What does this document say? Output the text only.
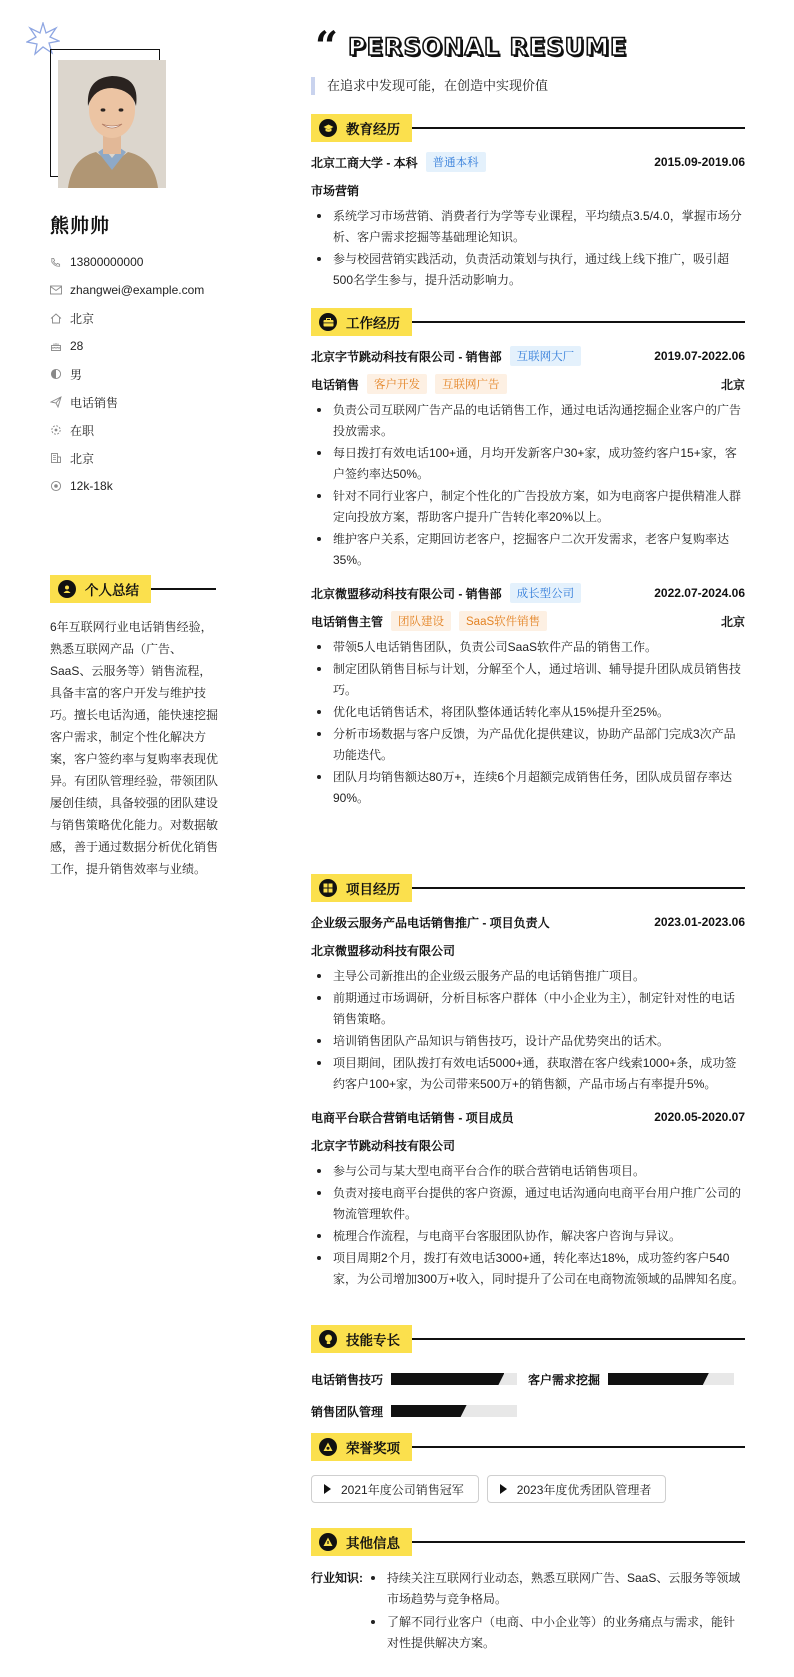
熊帅帅
13800000000
zhangwei@example.com
北京
28
男
电话销售
在职
北京
12k-18k
个人总结
6年互联网行业电话销售经验，熟悉互联网产品（广告、SaaS、云服务等）销售流程，具备丰富的客户开发与维护技巧。擅长电话沟通，能快速挖掘客户需求，制定个性化解决方案，客户签约率与复购率表现优异。有团队管理经验，带领团队屡创佳绩，具备较强的团队建设与销售策略优化能力。对数据敏感，善于通过数据分析优化销售工作，提升销售效率与业绩。
“ PERSONAL RESUME
在追求中发现可能，在创造中实现价值
教育经历
北京工商大学 - 本科	普通本科	2015.09-2019.06
市场营销
系统学习市场营销、消费者行为学等专业课程，平均绩点3.5/4.0，掌握市场分析、客户需求挖掘等基础理论知识。
参与校园营销实践活动，负责活动策划与执行，通过线上线下推广，吸引超500名学生参与，提升活动影响力。
工作经历
北京字节跳动科技有限公司 - 销售部	互联网大厂	2019.07-2022.06
电话销售	客户开发	互联网广告	北京
负责公司互联网广告产品的电话销售工作，通过电话沟通挖掘企业客户的广告投放需求。
每日拨打有效电话100+通，月均开发新客户30+家，成功签约客户15+家，客户签约率达50%。
针对不同行业客户，制定个性化的广告投放方案，如为电商客户提供精准人群定向投放方案，帮助客户提升广告转化率20%以上。
维护客户关系，定期回访老客户，挖掘客户二次开发需求，老客户复购率达35%。
北京微盟移动科技有限公司 - 销售部	成长型公司	2022.07-2024.06
电话销售主管	团队建设	SaaS软件销售	北京
带领5人电话销售团队，负责公司SaaS软件产品的销售工作。
制定团队销售目标与计划，分解至个人，通过培训、辅导提升团队成员销售技巧。
优化电话销售话术，将团队整体通话转化率从15%提升至25%。
分析市场数据与客户反馈，为产品优化提供建议，协助产品部门完成3次产品功能迭代。
团队月均销售额达80万+，连续6个月超额完成销售任务，团队成员留存率达90%。
项目经历
企业级云服务产品电话销售推广 - 项目负责人	2023.01-2023.06
北京微盟移动科技有限公司
主导公司新推出的企业级云服务产品的电话销售推广项目。
前期通过市场调研，分析目标客户群体（中小企业为主），制定针对性的电话销售策略。
培训销售团队产品知识与销售技巧，设计产品优势突出的话术。
项目期间，团队拨打有效电话5000+通，获取潜在客户线索1000+条，成功签约客户100+家，为公司带来500万+的销售额，产品市场占有率提升5%。
电商平台联合营销电话销售 - 项目成员	2020.05-2020.07
北京字节跳动科技有限公司
参与公司与某大型电商平台合作的联合营销电话销售项目。
负责对接电商平台提供的客户资源，通过电话沟通向电商平台用户推广公司的物流管理软件。
梳理合作流程，与电商平台客服团队协作，解决客户咨询与异议。
项目周期2个月，拨打有效电话3000+通，转化率达18%，成功签约客户540家，为公司增加300万+收入，同时提升了公司在电商物流领域的品牌知名度。
技能专长
电话销售技巧	客户需求挖掘
销售团队管理
荣誉奖项
2021年度公司销售冠军	2023年度优秀团队管理者
其他信息
行业知识:	持续关注互联网行业动态，熟悉互联网广告、SaaS、云服务等领域市场趋势与竞争格局。
了解不同行业客户（电商、中小企业等）的业务痛点与需求，能针对性提供解决方案。
